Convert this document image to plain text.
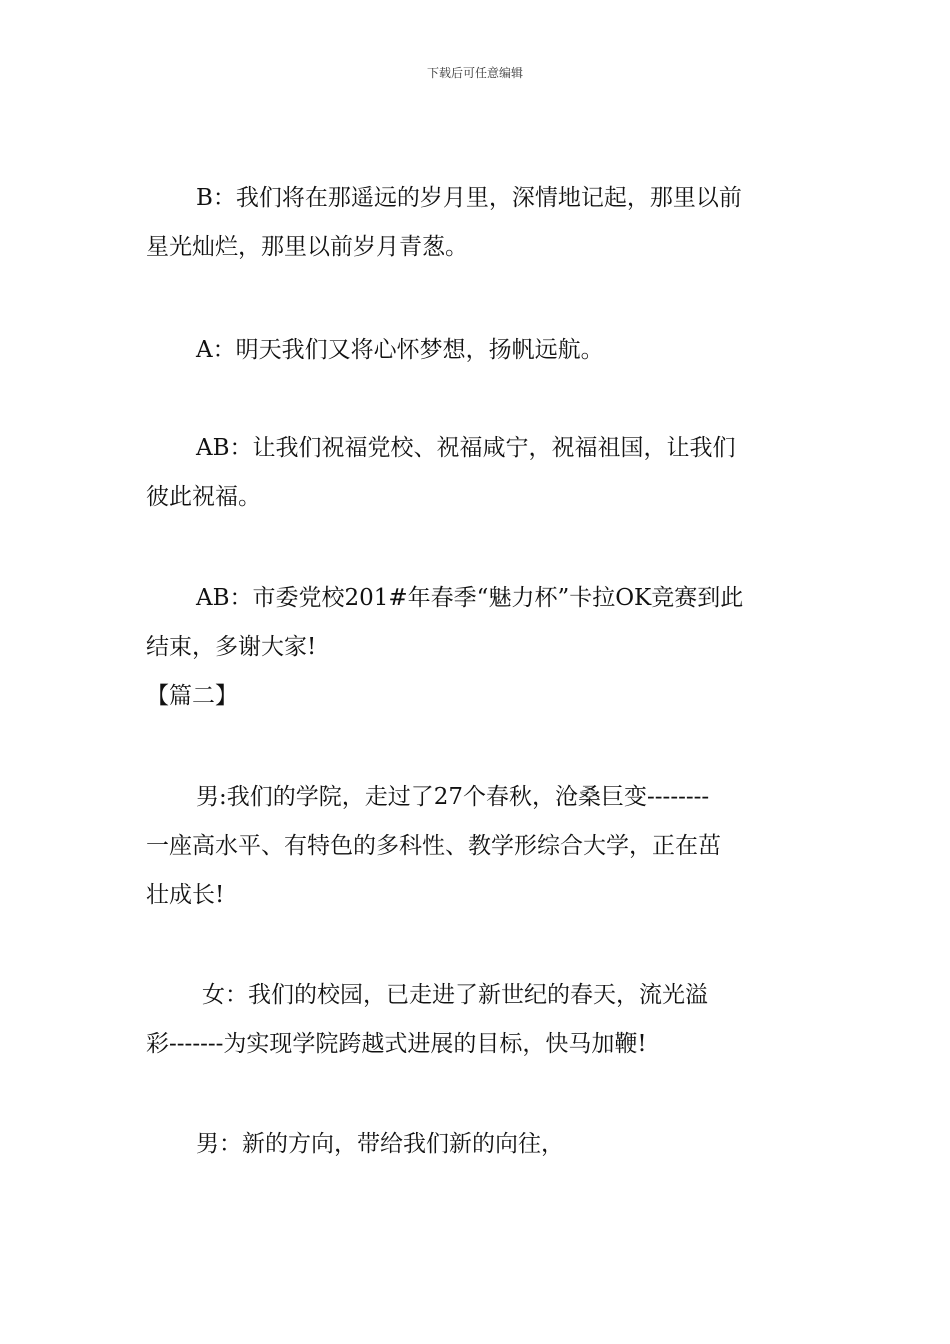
下载后可任意编辑
B：我们将在那遥远的岁月里，深情地记起，那里以前
星光灿烂，那里以前岁月青葱。
A：明天我们又将心怀梦想，扬帆远航。
AB：让我们祝福党校、祝福咸宁，祝福祖国，让我们
彼此祝福。
AB：市委党校201#年春季“魅力杯”卡拉OK竞赛到此
结束，多谢大家!
【篇二】
男:我们的学院，走过了27个春秋，沧桑巨变--------
一座高水平、有特色的多科性、教学形综合大学，正在茁
壮成长!
女：我们的校园，已走进了新世纪的春天，流光溢
彩-------为实现学院跨越式进展的目标，快马加鞭!
男：新的方向，带给我们新的向往，
